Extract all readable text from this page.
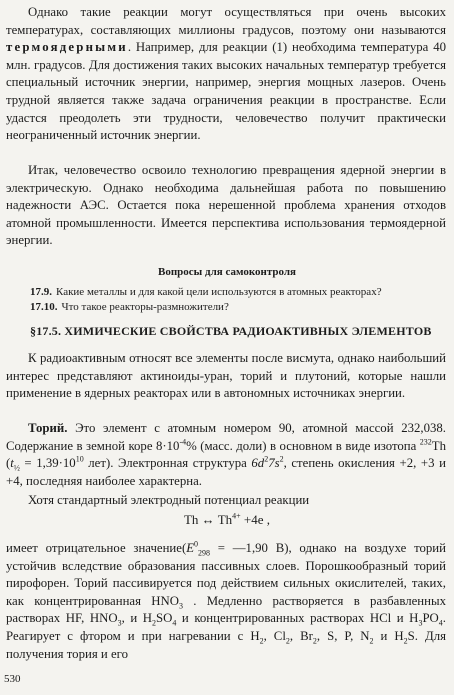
Однако такие реакции могут осуществляться при очень высоких температурах, составляющих миллионы градусов, поэтому они называются термоядерными. Например, для реакции (1) необходима температура 40 млн. градусов. Для достижения таких высоких начальных температур требуется специальный источник энергии, например, энергия мощных лазеров. Очень трудной является также задача ограничения реакции в пространстве. Если удастся преодолеть эти трудности, человечество получит практически неограниченный источник энергии.

Итак, человечество освоило технологию превращения ядерной энергии в электрическую. Однако необходима дальнейшая работа по повышению надежности АЭС. Остается пока нерешенной проблема хранения отходов атомной промышленности. Имеется перспектива использования термоядерной энергии.

Вопросы для самоконтроля
17.9. Какие металлы и для какой цели используются в атомных реакторах?
17.10. Что такое реакторы-размножители?
§17.5. ХИМИЧЕСКИЕ СВОЙСТВА РАДИОАКТИВНЫХ ЭЛЕМЕНТОВ

К радиоактивным относят все элементы после висмута, однако наибольший интерес представляют актиноиды-уран, торий и плутоний, которые нашли применение в ядерных реакторах или в автономных источниках энергии.

Торий. Это элемент с атомным номером 90, атомной массой 232,038. Содержание в земной коре $8\cdot 10^{-4}\%$ (масс. доли) в основном в виде изотопа $^{232}$Th ($t_{\frac{1}{2}} = 1,39\cdot 10^{10}$ лет). Электронная структура $6d^27s^2$, степень окисления +2, +3 и +4, последняя наиболее характерна.

Хотя стандартный электродный потенциал реакции

Th ↔ $Th^{4+} +4e$ ,

имеет отрицательное $значение(E^0_{298}$ = —1,90 В), однако на воздухе торий устойчив вследствие образования пассивных слоев. Порошкообразный торий пирофорен. Торий пассивируется под действием сильных окислителей, таких, как концентрированная $HNO_3$ . Медленно растворяется в разбавленных растворах HF, $HNO_3$, и $H_2SO_4$ и концентрированных растворах HCl и $H_3PO_4$. Реагирует с фтором и при нагревании с $H_2$, $Cl_2$, $Br_2$, S, P, $N_2$ и $H_2S$. Для получения тория и его

530
